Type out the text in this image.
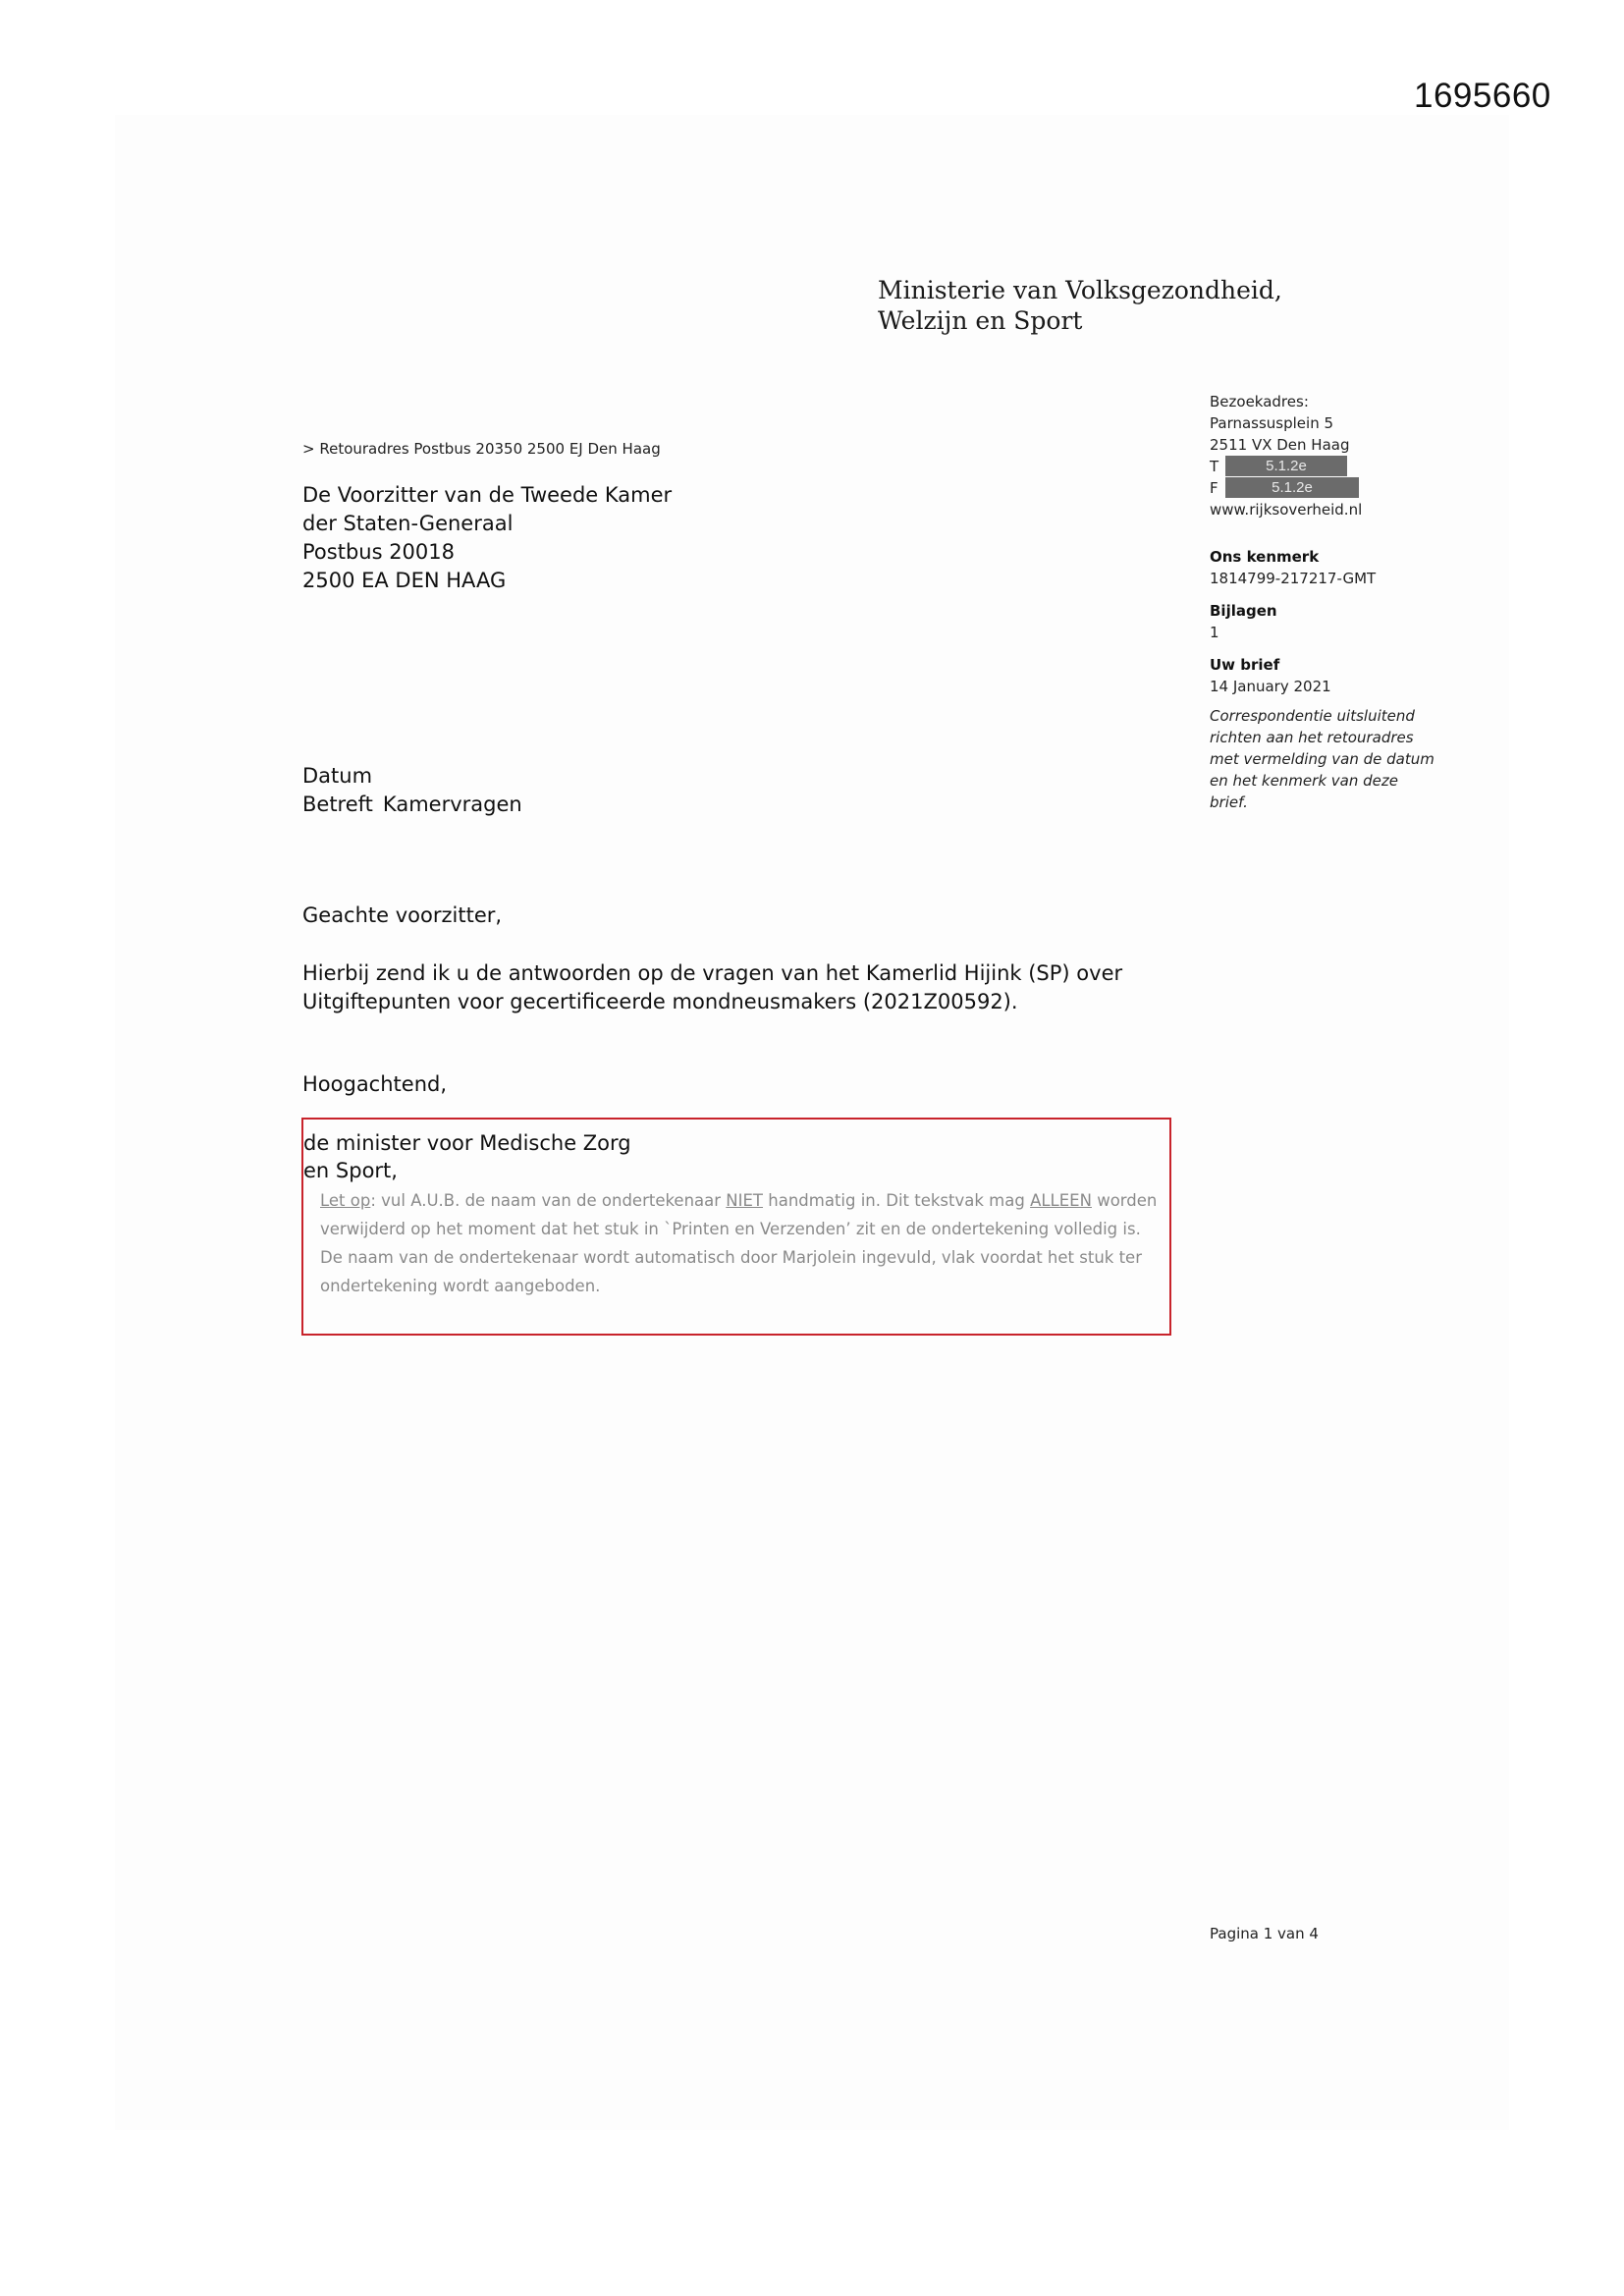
1695660
Ministerie van Volksgezondheid,
Welzijn en Sport
Bezoekadres:
Parnassusplein 5
2511 VX Den Haag
T	5.1.2e
F	5.1.2e
www.rijksoverheid.nl
Ons kenmerk
1814799-217217-GMT
Bijlagen
1
Uw brief
14 January 2021
Correspondentie uitsluitend
richten aan het retouradres
met vermelding van de datum
en het kenmerk van deze
brief.
> Retouradres Postbus 20350 2500 EJ Den Haag
De Voorzitter van de Tweede Kamer
der Staten-Generaal
Postbus 20018
2500 EA DEN HAAG
Datum
Betreft Kamervragen
Geachte voorzitter,
Hierbij zend ik u de antwoorden op de vragen van het Kamerlid Hijink (SP) over
Uitgiftepunten voor gecertificeerde mondneusmakers (2021Z00592).
Hoogachtend,
de minister voor Medische Zorg
en Sport,
Let op: vul A.U.B. de naam van de ondertekenaar NIET handmatig in. Dit tekstvak mag ALLEEN worden verwijderd op het moment dat het stuk in `Printen en Verzenden’ zit en de ondertekening volledig is. De naam van de ondertekenaar wordt automatisch door Marjolein ingevuld, vlak voordat het stuk ter ondertekening wordt aangeboden.
Pagina 1 van 4
